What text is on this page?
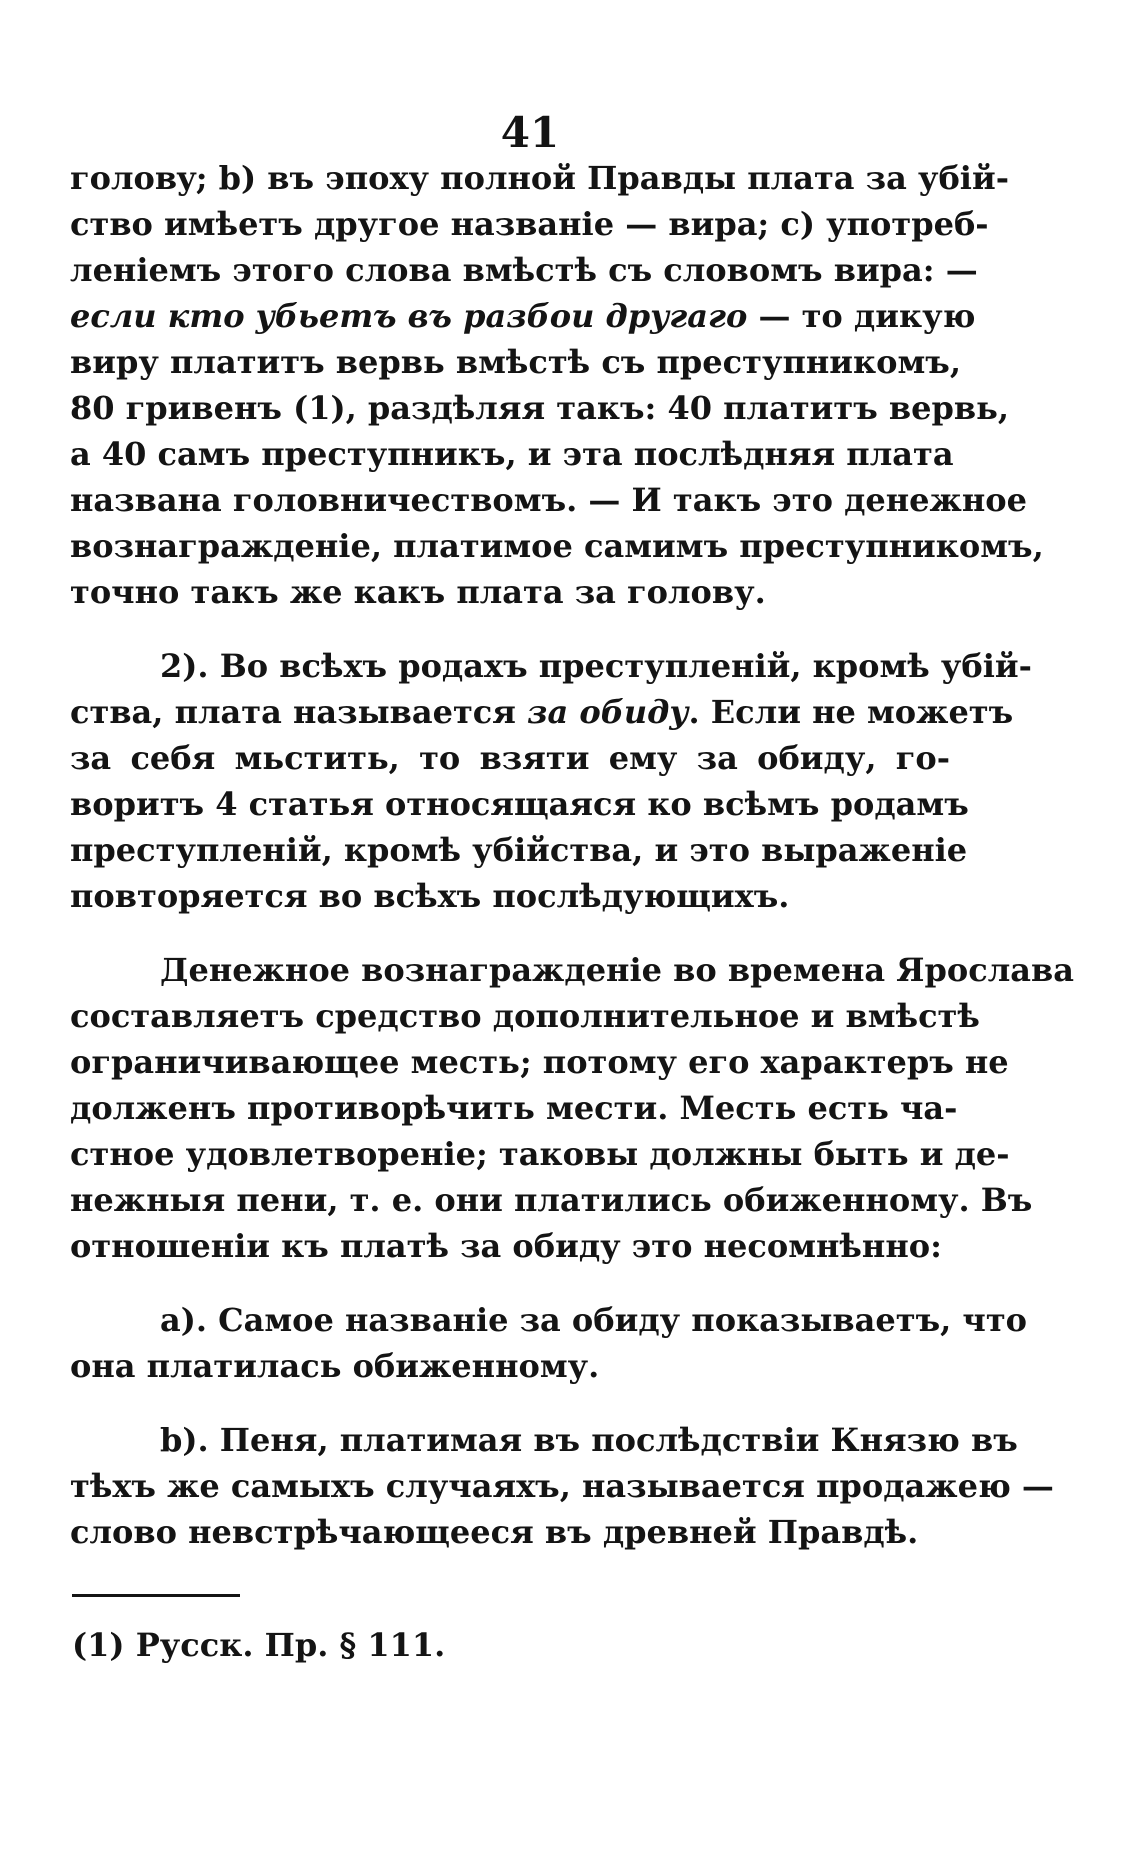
41
головy; b) въ эпоху полной Правды плата за убій-
ство имѣетъ другое названіе — вира; c) употреб-
леніемъ этого слова вмѣстѣ съ словомъ вира: —
если кто убьетъ въ разбои другаго — то дикую
виру платитъ вервь вмѣстѣ съ преступникомъ,
80 гривенъ (1), раздѣляя такъ: 40 платитъ вервь,
а 40 самъ преступникъ, и эта послѣдняя плата
названа головничествомъ. — И такъ это денежное
вознагражденіе, платимое самимъ преступникомъ,
точно такъ же какъ плата за голову.
2). Во всѣхъ родахъ преступленій, кромѣ убій-
ства, плата называется за обиду. Если не можетъ
за себя мьстить, то взяти ему за обиду, го-
воритъ 4 статья относящаяся ко всѣмъ родамъ
преступленій, кромѣ убійства, и это выраженіе
повторяется во всѣхъ послѣдующихъ.
Денежное вознагражденіе во времена Ярослава
составляетъ средство дополнительное и вмѣстѣ
ограничивающее месть; потому его характеръ не
долженъ противорѣчить мести. Месть есть ча-
стное удовлетвореніе; таковы должны быть и де-
нежныя пени, т. е. они платились обиженному. Въ
отношеніи къ платѣ за обиду это несомнѣнно:
a). Самое названіе за обиду показываетъ, что
она платилась обиженному.
b). Пеня, платимая въ послѣдствіи Князю въ
тѣхъ же самыхъ случаяхъ, называется продажею —
слово невстрѣчающееся въ древней Правдѣ.
(1) Русск. Пр. § 111.
